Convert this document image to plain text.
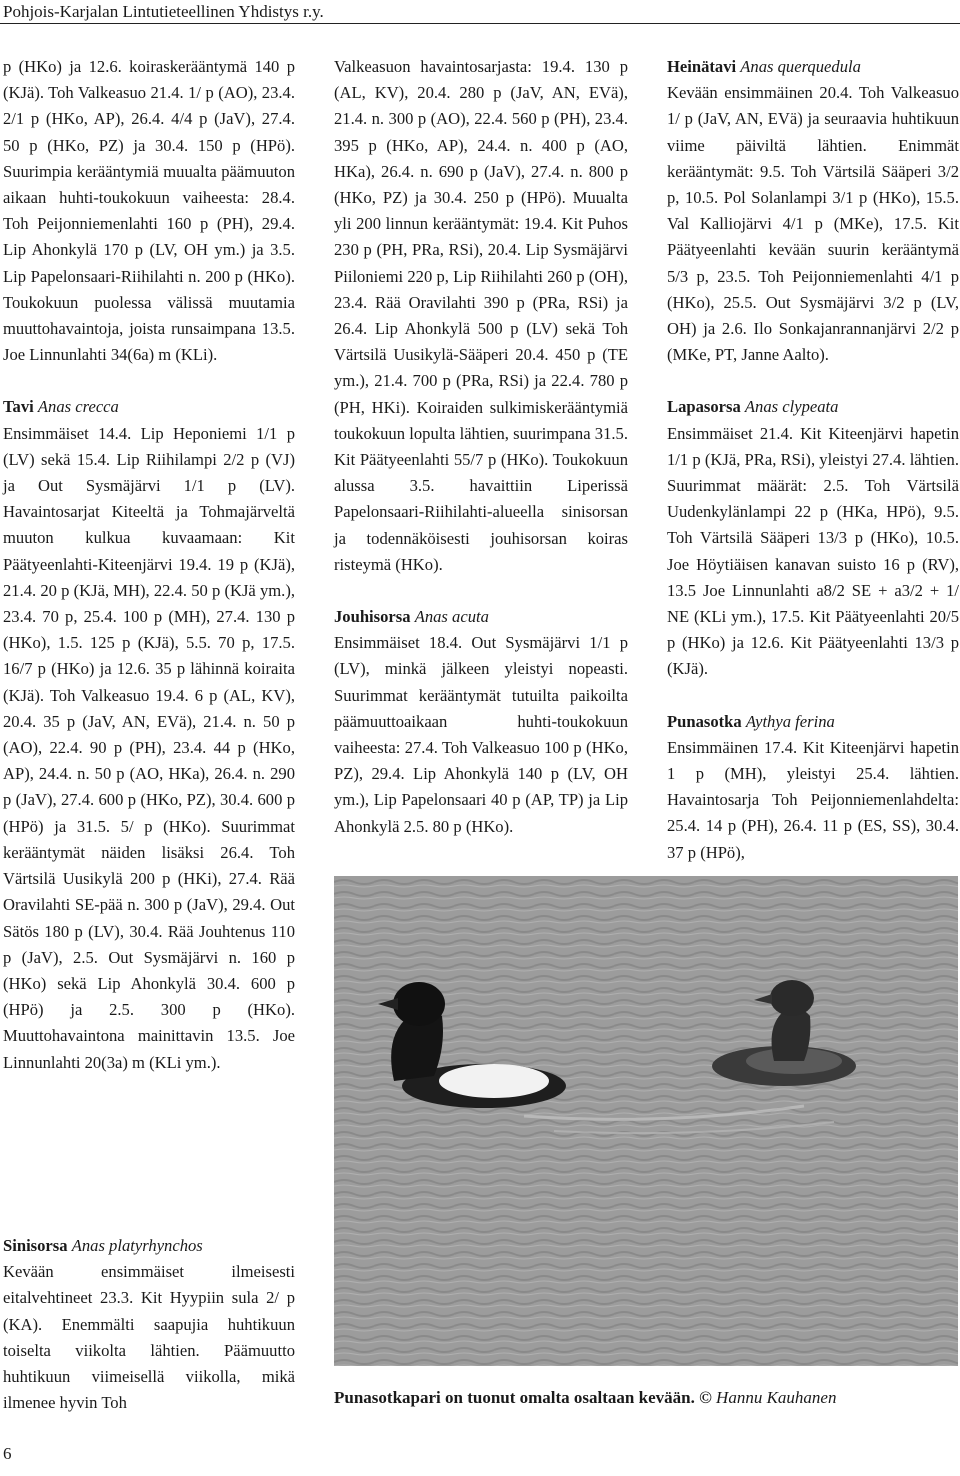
Pohjois-Karjalan Lintutieteellinen Yhdistys r.y.

p (HKo) ja 12.6. koiraskerääntymä 140 p (KJä). Toh Valkeasuo 21.4. 1/ p (AO), 23.4. 2/1 p (HKo, AP), 26.4. 4/4 p (JaV), 27.4. 50 p (HKo, PZ) ja 30.4. 150 p (HPö). Suurimpia kerääntymiä muualta päämuuton aikaan huhti-toukokuun vaiheesta: 28.4. Toh Peijonniemenlahti 160 p (PH), 29.4. Lip Ahonkylä 170 p (LV, OH ym.) ja 3.5. Lip Papelonsaari-Riihilahti n. 200 p (HKo). Toukokuun puolessa välissä muutamia muuttohavaintoja, joista runsaimpana 13.5. Joe Linnunlahti 34(6a) m (KLi).

Tavi Anas crecca

Ensimmäiset 14.4. Lip Heponiemi 1/1 p (LV) sekä 15.4. Lip Riihilampi 2/2 p (VJ) ja Out Sysmäjärvi 1/1 p (LV). Havaintosarjat Kiteeltä ja Tohmajärveltä muuton kulkua kuvaamaan: Kit Päätyeenlahti-Kiteenjärvi 19.4. 19 p (KJä), 21.4. 20 p (KJä, MH), 22.4. 50 p (KJä ym.), 23.4. 70 p, 25.4. 100 p (MH), 27.4. 130 p (HKo), 1.5. 125 p (KJä), 5.5. 70 p, 17.5. 16/7 p (HKo) ja 12.6. 35 p lähinnä koiraita (KJä). Toh Valkeasuo 19.4. 6 p (AL, KV), 20.4. 35 p (JaV, AN, EVä), 21.4. n. 50 p (AO), 22.4. 90 p (PH), 23.4. 44 p (HKo, AP), 24.4. n. 50 p (AO, HKa), 26.4. n. 290 p (JaV), 27.4. 600 p (HKo, PZ), 30.4. 600 p (HPö) ja 31.5. 5/ p (HKo). Suurimmat kerääntymät näiden lisäksi 26.4. Toh Värtsilä Uusikylä 200 p (HKi), 27.4. Rää Oravilahti SE-pää n. 300 p (JaV), 29.4. Out Sätös 180 p (LV), 30.4. Rää Jouhtenus 110 p (JaV), 2.5. Out Sysmäjärvi n. 160 p (HKo) sekä Lip Ahonkylä 30.4. 600 p (HPö) ja 2.5. 300 p (HKo). Muuttohavaintona mainittavin 13.5. Joe Linnunlahti 20(3a) m (KLi ym.).

Sinisorsa Anas platyrhynchos

Kevään ensimmäiset ilmeisesti eitalvehtineet 23.3. Kit Hyypiin sula 2/ p (KA). Enemmälti saapujia huhtikuun toiselta viikolta lähtien. Päämuutto huhtikuun viimeisellä viikolla, mikä ilmenee hyvin Toh

Valkeasuon havaintosarjasta: 19.4. 130 p (AL, KV), 20.4. 280 p (JaV, AN, EVä), 21.4. n. 300 p (AO), 22.4. 560 p (PH), 23.4. 395 p (HKo, AP), 24.4. n. 400 p (AO, HKa), 26.4. n. 690 p (JaV), 27.4. n. 800 p (HKo, PZ) ja 30.4. 250 p (HPö). Muualta yli 200 linnun kerääntymät: 19.4. Kit Puhos 230 p (PH, PRa, RSi), 20.4. Lip Sysmäjärvi Piiloniemi 220 p, Lip Riihilahti 260 p (OH), 23.4. Rää Oravilahti 390 p (PRa, RSi) ja 26.4. Lip Ahonkylä 500 p (LV) sekä Toh Värtsilä Uusikylä-Sääperi 20.4. 450 p (TE ym.), 21.4. 700 p (PRa, RSi) ja 22.4. 780 p (PH, HKi). Koiraiden sulkimiskerääntymiä toukokuun lopulta lähtien, suurimpana 31.5. Kit Päätyeenlahti 55/7 p (HKo). Toukokuun alussa 3.5. havaittiin Liperissä Papelonsaari-Riihilahti-alueella sinisorsan ja todennäköisesti jouhisorsan koiras risteymä (HKo).

Jouhisorsa Anas acuta

Ensimmäiset 18.4. Out Sysmäjärvi 1/1 p (LV), minkä jälkeen yleistyi nopeasti. Suurimmat kerääntymät tutuilta paikoilta päämuuttoaikaan huhti-toukokuun vaiheesta: 27.4. Toh Valkeasuo 100 p (HKo, PZ), 29.4. Lip Ahonkylä 140 p (LV, OH ym.), Lip Papelonsaari 40 p (AP, TP) ja Lip Ahonkylä 2.5. 80 p (HKo).

Heinätavi Anas querquedula

Kevään ensimmäinen 20.4. Toh Valkeasuo 1/ p (JaV, AN, EVä) ja seuraavia huhtikuun viime päiviltä lähtien. Enimmät kerääntymät: 9.5. Toh Värtsilä Sääperi 3/2 p, 10.5. Pol Solanlampi 3/1 p (HKo), 15.5. Val Kalliojärvi 4/1 p (MKe), 17.5. Kit Päätyeenlahti kevään suurin kerääntymä 5/3 p, 23.5. Toh Peijonniemenlahti 4/1 p (HKo), 25.5. Out Sysmäjärvi 3/2 p (LV, OH) ja 2.6. Ilo Sonkajanrannanjärvi 2/2 p (MKe, PT, Janne Aalto).

Lapasorsa Anas clypeata

Ensimmäiset 21.4. Kit Kiteenjärvi hapetin 1/1 p (KJä, PRa, RSi), yleistyi 27.4. lähtien. Suurimmat määrät: 2.5. Toh Värtsilä Uudenkylänlampi 22 p (HKa, HPö), 9.5. Toh Värtsilä Sääperi 13/3 p (HKo), 10.5. Joe Höytiäisen kanavan suisto 16 p (RV), 13.5 Joe Linnunlahti a8/2 SE + a3/2 + 1/ NE (KLi ym.), 17.5. Kit Päätyeenlahti 20/5 p (HKo) ja 12.6. Kit Päätyeenlahti 13/3 p (KJä).

Punasotka Aythya ferina

Ensimmäinen 17.4. Kit Kiteenjärvi hapetin 1 p (MH), yleistyi 25.4. lähtien. Havaintosarja Toh Peijonniemenlahdelta: 25.4. 14 p (PH), 26.4. 11 p (ES, SS), 30.4. 37 p (HPö),

Punasotkapari on tuonut omalta osaltaan kevään. © Hannu Kauhanen
6
